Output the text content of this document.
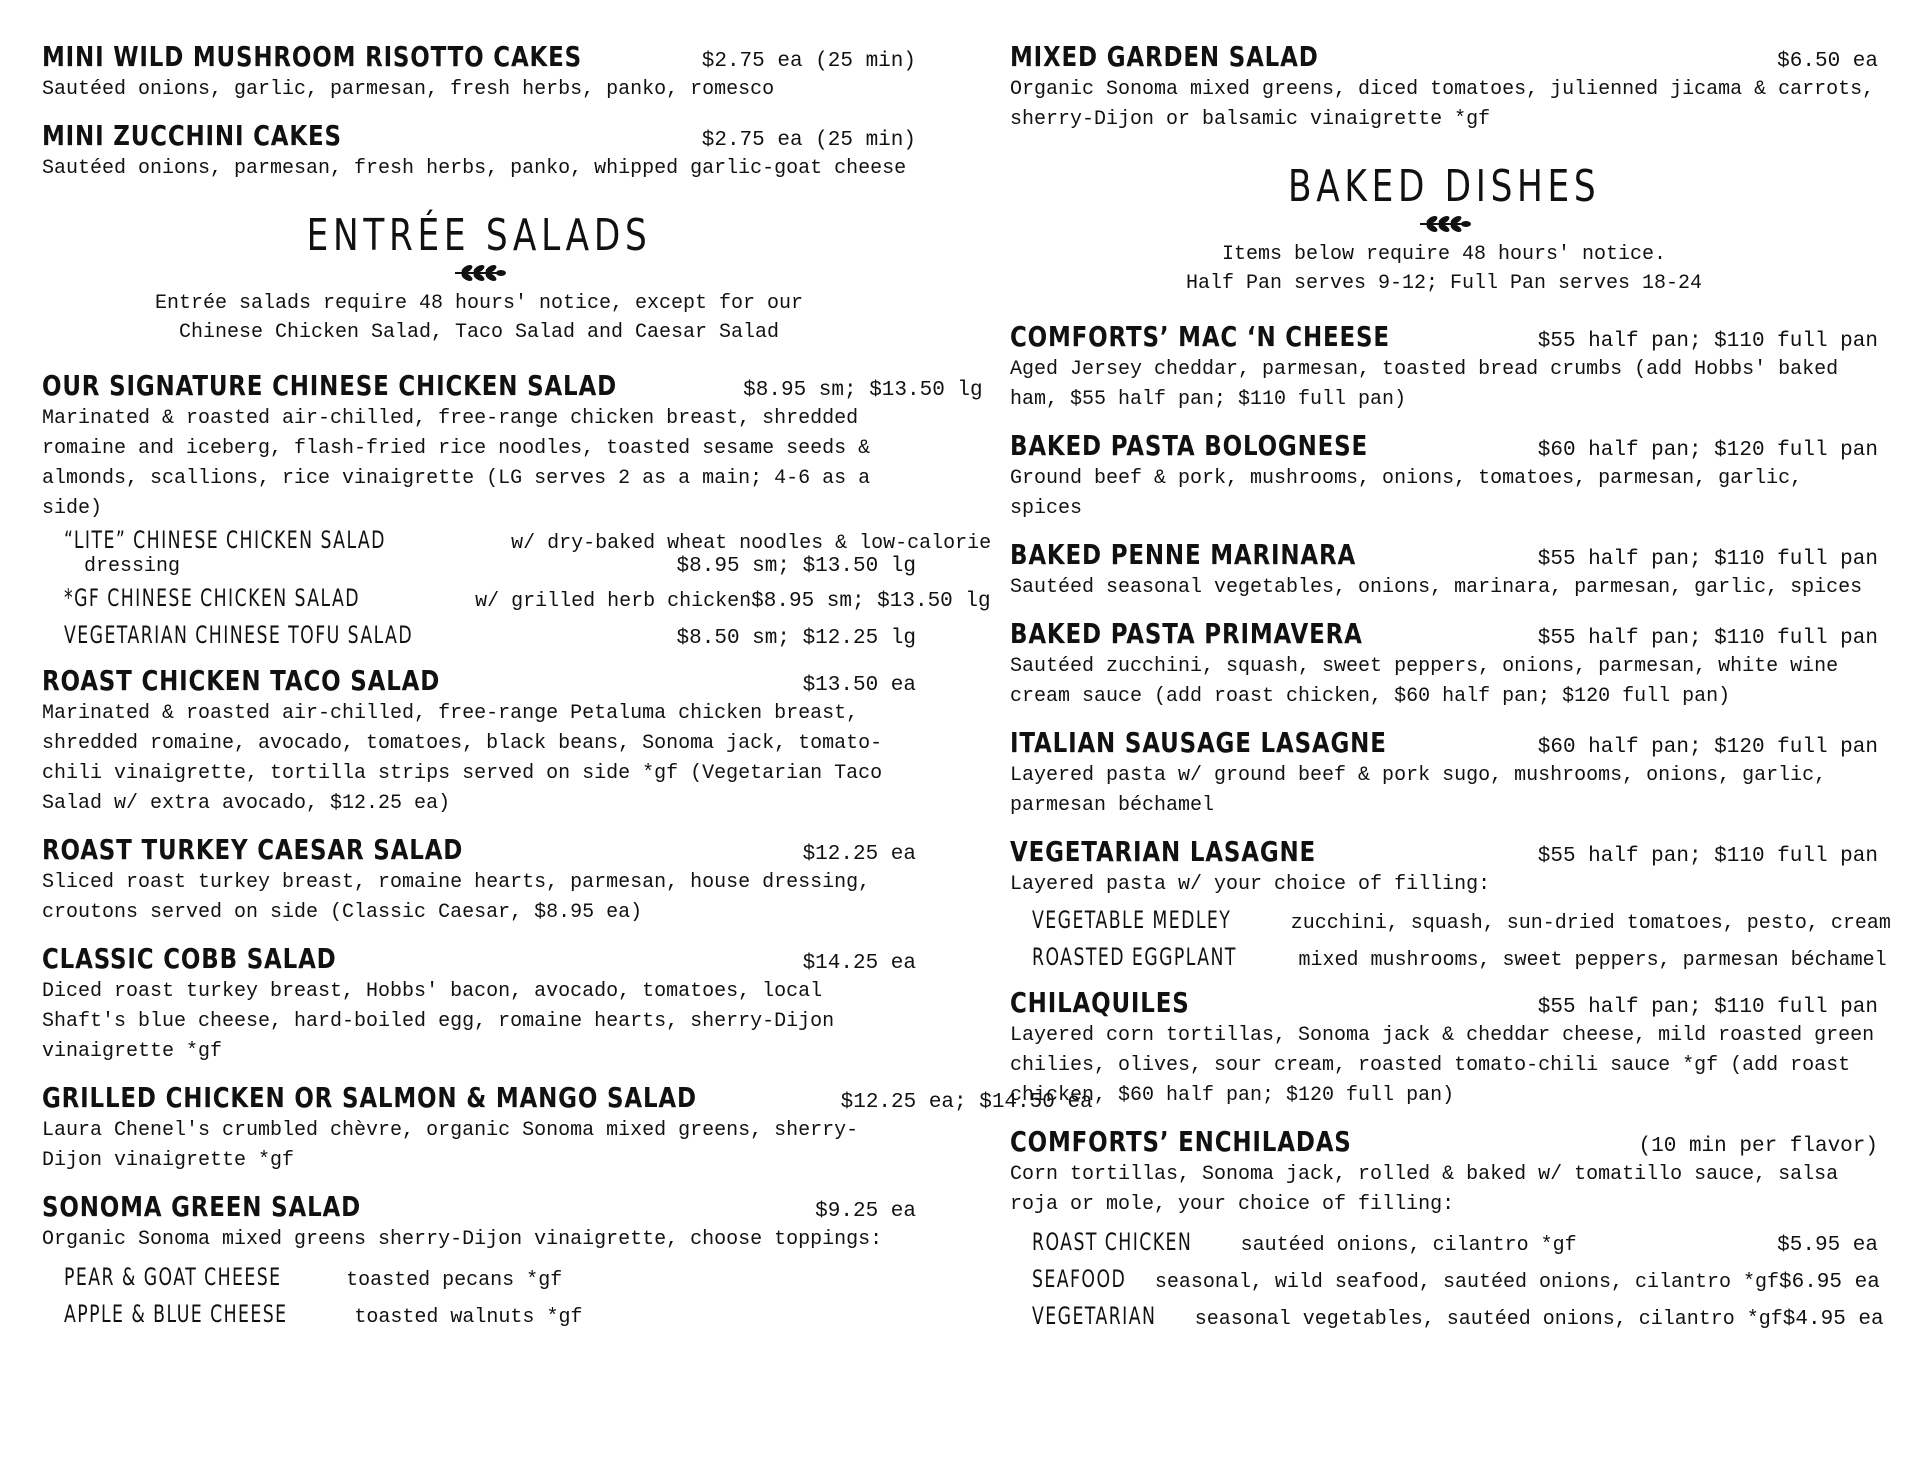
MINI WILD MUSHROOM RISOTTO CAKES	$2.75 ea (25 min)
Sautéed onions, garlic, parmesan, fresh herbs, panko, romesco
MINI ZUCCHINI CAKES	$2.75 ea (25 min)
Sautéed onions, parmesan, fresh herbs, panko, whipped garlic-goat cheese
ENTRÉE SALADS
Entrée salads require 48 hours' notice, except for our
Chinese Chicken Salad, Taco Salad and Caesar Salad
OUR SIGNATURE CHINESE CHICKEN SALAD	$8.95 sm; $13.50 lg
Marinated & roasted air-chilled, free-range chicken breast, shredded romaine and iceberg, flash-fried rice noodles, toasted sesame seeds & almonds, scallions, rice vinaigrette (LG serves 2 as a main; 4-6 as a side)
“LITE” CHINESE CHICKEN SALAD	w/ dry-baked wheat noodles & low-calorie
dressing	$8.95 sm; $13.50 lg
*GF CHINESE CHICKEN SALAD	w/ grilled herb chicken $8.95 sm; $13.50 lg
VEGETARIAN CHINESE TOFU SALAD	$8.50 sm; $12.25 lg
ROAST CHICKEN TACO SALAD	$13.50 ea
Marinated & roasted air-chilled, free-range Petaluma chicken breast, shredded romaine, avocado, tomatoes, black beans, Sonoma jack, tomato-chili vinaigrette, tortilla strips served on side *gf (Vegetarian Taco Salad w/ extra avocado, $12.25 ea)
ROAST TURKEY CAESAR SALAD	$12.25 ea
Sliced roast turkey breast, romaine hearts, parmesan, house dressing, croutons served on side (Classic Caesar, $8.95 ea)
CLASSIC COBB SALAD	$14.25 ea
Diced roast turkey breast, Hobbs' bacon, avocado, tomatoes, local Shaft's blue cheese, hard-boiled egg, romaine hearts, sherry-Dijon vinaigrette *gf
GRILLED CHICKEN OR SALMON & MANGO SALAD	$12.25 ea; $14.50 ea
Laura Chenel's crumbled chèvre, organic Sonoma mixed greens, sherry-Dijon vinaigrette *gf
SONOMA GREEN SALAD	$9.25 ea
Organic Sonoma mixed greens sherry-Dijon vinaigrette, choose toppings:
PEAR & GOAT CHEESE	toasted pecans *gf
APPLE & BLUE CHEESE	toasted walnuts *gf
MIXED GARDEN SALAD	$6.50 ea
Organic Sonoma mixed greens, diced tomatoes, julienned jicama & carrots, sherry-Dijon or balsamic vinaigrette *gf
BAKED DISHES
Items below require 48 hours' notice.
Half Pan serves 9-12; Full Pan serves 18-24
COMFORTS’ MAC ‘N CHEESE	$55 half pan; $110 full pan
Aged Jersey cheddar, parmesan, toasted bread crumbs (add Hobbs' baked ham, $55 half pan; $110 full pan)
BAKED PASTA BOLOGNESE	$60 half pan; $120 full pan
Ground beef & pork, mushrooms, onions, tomatoes, parmesan, garlic, spices
BAKED PENNE MARINARA	$55 half pan; $110 full pan
Sautéed seasonal vegetables, onions, marinara, parmesan, garlic, spices
BAKED PASTA PRIMAVERA	$55 half pan; $110 full pan
Sautéed zucchini, squash, sweet peppers, onions, parmesan, white wine cream sauce (add roast chicken, $60 half pan; $120 full pan)
ITALIAN SAUSAGE LASAGNE	$60 half pan; $120 full pan
Layered pasta w/ ground beef & pork sugo, mushrooms, onions, garlic, parmesan béchamel
VEGETARIAN LASAGNE	$55 half pan; $110 full pan
Layered pasta w/ your choice of filling:
VEGETABLE MEDLEY	zucchini, squash, sun-dried tomatoes, pesto, cream
ROASTED EGGPLANT	mixed mushrooms, sweet peppers, parmesan béchamel
CHILAQUILES	$55 half pan; $110 full pan
Layered corn tortillas, Sonoma jack & cheddar cheese, mild roasted green chilies, olives, sour cream, roasted tomato-chili sauce *gf (add roast chicken, $60 half pan; $120 full pan)
COMFORTS’ ENCHILADAS	(10 min per flavor)
Corn tortillas, Sonoma jack, rolled & baked w/ tomatillo sauce, salsa roja or mole, your choice of filling:
ROAST CHICKEN sautéed onions, cilantro *gf	$5.95 ea
SEAFOOD seasonal, wild seafood, sautéed onions, cilantro *gf $6.95 ea
VEGETARIAN seasonal vegetables, sautéed onions, cilantro *gf $4.95 ea
